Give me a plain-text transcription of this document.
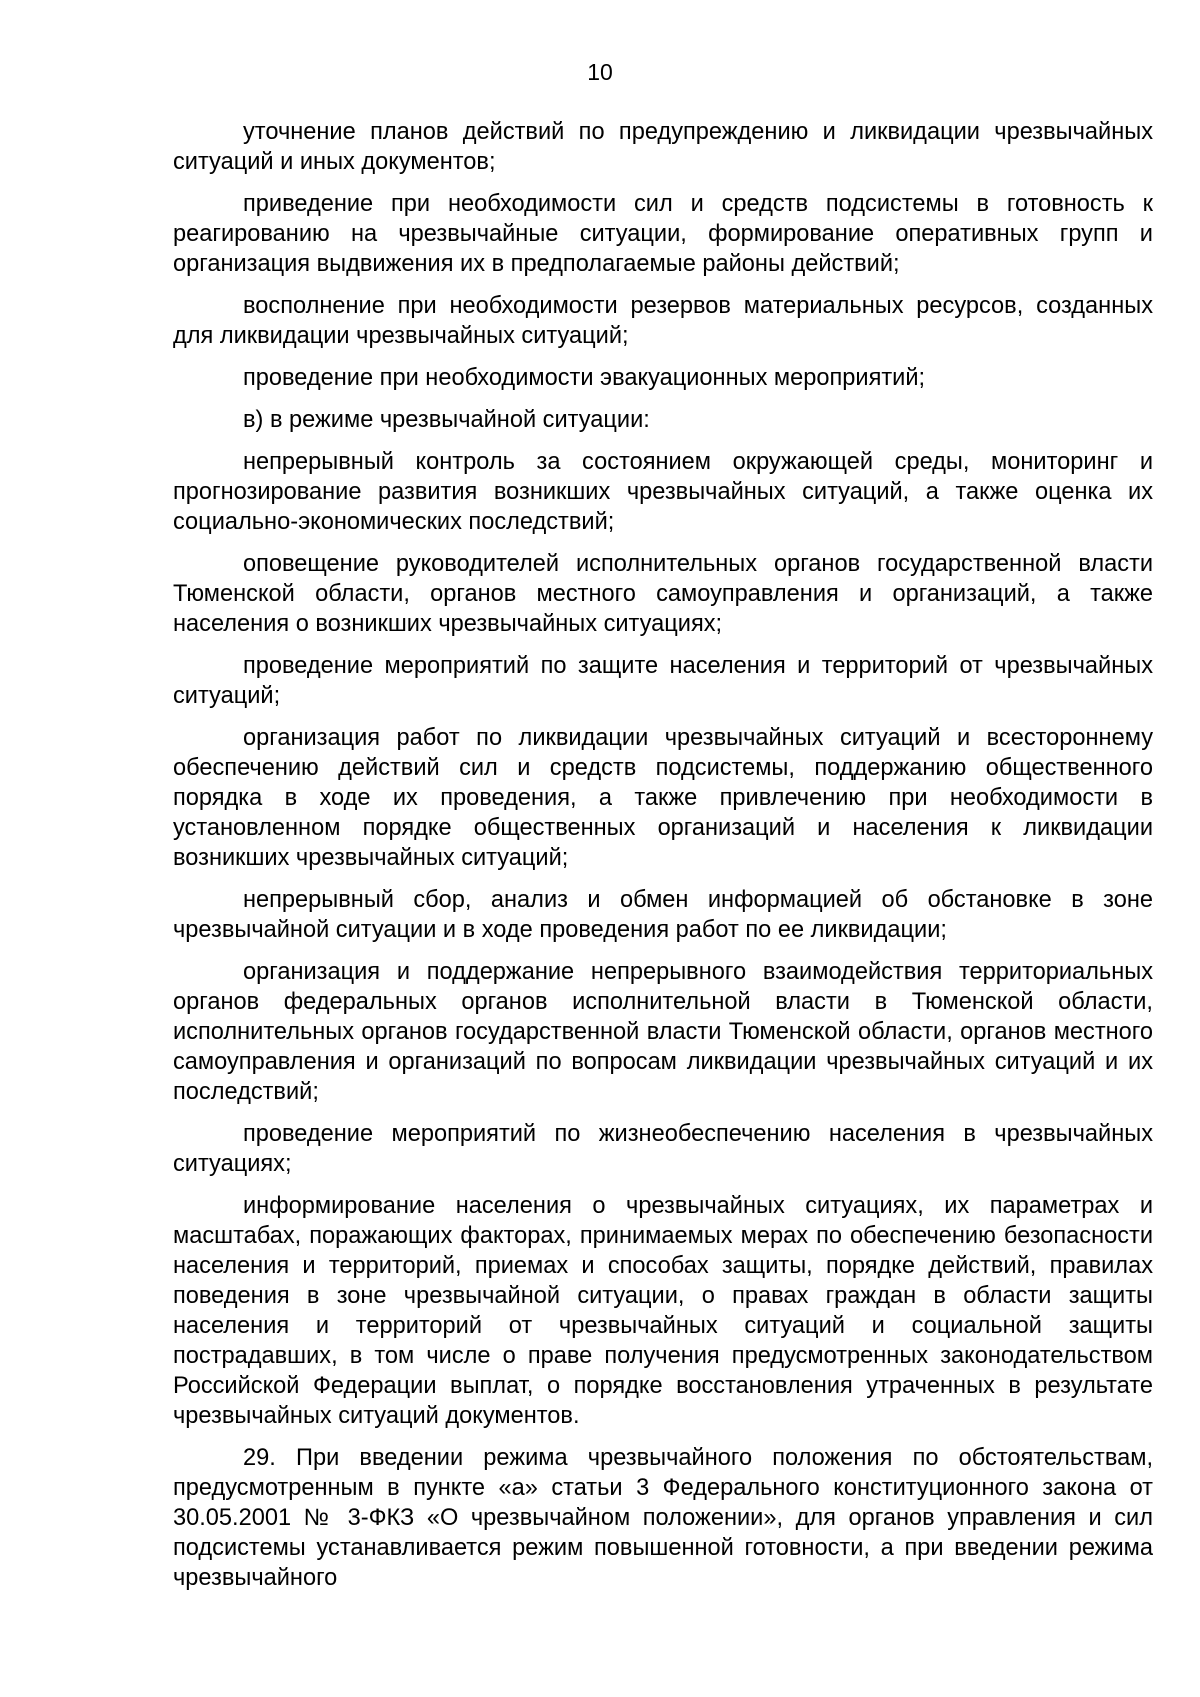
10

уточнение планов действий по предупреждению и ликвидации чрезвычайных ситуаций и иных документов;

приведение при необходимости сил и средств подсистемы в готовность к реагированию на чрезвычайные ситуации, формирование оперативных групп и организация выдвижения их в предполагаемые районы действий;

восполнение при необходимости резервов материальных ресурсов, созданных для ликвидации чрезвычайных ситуаций;

проведение при необходимости эвакуационных мероприятий;

в) в режиме чрезвычайной ситуации:

непрерывный контроль за состоянием окружающей среды, мониторинг и прогнозирование развития возникших чрезвычайных ситуаций, а также оценка их социально-экономических последствий;

оповещение руководителей исполнительных органов государственной власти Тюменской области, органов местного самоуправления и организаций, а также населения о возникших чрезвычайных ситуациях;

проведение мероприятий по защите населения и территорий от чрезвычайных ситуаций;

организация работ по ликвидации чрезвычайных ситуаций и всестороннему обеспечению действий сил и средств подсистемы, поддержанию общественного порядка в ходе их проведения, а также привлечению при необходимости в установленном порядке общественных организаций и населения к ликвидации возникших чрезвычайных ситуаций;

непрерывный сбор, анализ и обмен информацией об обстановке в зоне чрезвычайной ситуации и в ходе проведения работ по ее ликвидации;

организация и поддержание непрерывного взаимодействия территориальных органов федеральных органов исполнительной власти в Тюменской области, исполнительных органов государственной власти Тюменской области, органов местного самоуправления и организаций по вопросам ликвидации чрезвычайных ситуаций и их последствий;

проведение мероприятий по жизнеобеспечению населения в чрезвычайных ситуациях;

информирование населения о чрезвычайных ситуациях, их параметрах и масштабах, поражающих факторах, принимаемых мерах по обеспечению безопасности населения и территорий, приемах и способах защиты, порядке действий, правилах поведения в зоне чрезвычайной ситуации, о правах граждан в области защиты населения и территорий от чрезвычайных ситуаций и социальной защиты пострадавших, в том числе о праве получения предусмотренных законодательством Российской Федерации выплат, о порядке восстановления утраченных в результате чрезвычайных ситуаций документов.

29. При введении режима чрезвычайного положения по обстоятельствам, предусмотренным в пункте «а» статьи 3 Федерального конституционного закона от 30.05.2001 № 3-ФКЗ «О чрезвычайном положении», для органов управления и сил подсистемы устанавливается режим повышенной готовности, а при введении режима чрезвычайного
